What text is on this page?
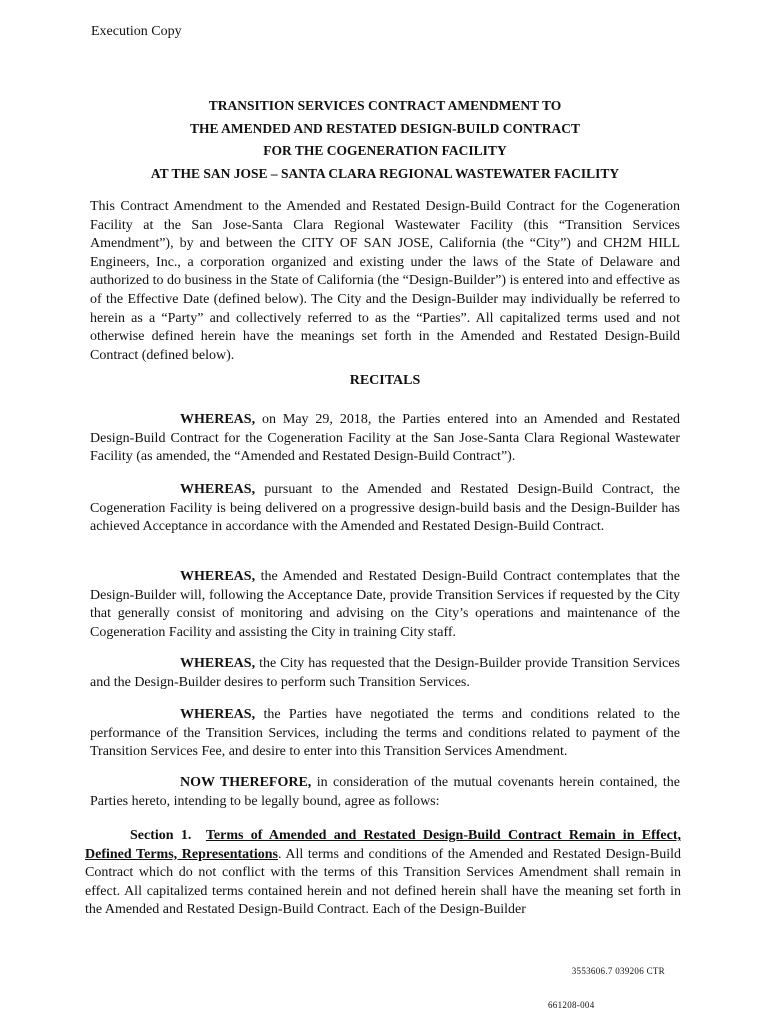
Execution Copy
TRANSITION SERVICES CONTRACT AMENDMENT TO
THE AMENDED AND RESTATED DESIGN-BUILD CONTRACT
FOR THE COGENERATION FACILITY
AT THE SAN JOSE – SANTA CLARA REGIONAL WASTEWATER FACILITY
This Contract Amendment to the Amended and Restated Design-Build Contract for the Cogeneration Facility at the San Jose-Santa Clara Regional Wastewater Facility (this “Transition Services Amendment”), by and between the CITY OF SAN JOSE, California (the “City”) and CH2M HILL Engineers, Inc., a corporation organized and existing under the laws of the State of Delaware and authorized to do business in the State of California (the “Design-Builder”) is entered into and effective as of the Effective Date (defined below). The City and the Design-Builder may individually be referred to herein as a “Party” and collectively referred to as the “Parties”. All capitalized terms used and not otherwise defined herein have the meanings set forth in the Amended and Restated Design-Build Contract (defined below).
RECITALS
WHEREAS, on May 29, 2018, the Parties entered into an Amended and Restated Design-Build Contract for the Cogeneration Facility at the San Jose-Santa Clara Regional Wastewater Facility (as amended, the “Amended and Restated Design-Build Contract”).
WHEREAS, pursuant to the Amended and Restated Design-Build Contract, the Cogeneration Facility is being delivered on a progressive design-build basis and the Design-Builder has achieved Acceptance in accordance with the Amended and Restated Design-Build Contract.
WHEREAS, the Amended and Restated Design-Build Contract contemplates that the Design-Builder will, following the Acceptance Date, provide Transition Services if requested by the City that generally consist of monitoring and advising on the City’s operations and maintenance of the Cogeneration Facility and assisting the City in training City staff.
WHEREAS, the City has requested that the Design-Builder provide Transition Services and the Design-Builder desires to perform such Transition Services.
WHEREAS, the Parties have negotiated the terms and conditions related to the performance of the Transition Services, including the terms and conditions related to payment of the Transition Services Fee, and desire to enter into this Transition Services Amendment.
NOW THEREFORE, in consideration of the mutual covenants herein contained, the Parties hereto, intending to be legally bound, agree as follows:
Section 1. Terms of Amended and Restated Design-Build Contract Remain in Effect, Defined Terms, Representations. All terms and conditions of the Amended and Restated Design-Build Contract which do not conflict with the terms of this Transition Services Amendment shall remain in effect. All capitalized terms contained herein and not defined herein shall have the meaning set forth in the Amended and Restated Design-Build Contract. Each of the Design-Builder
3553606.7 039206 CTR
661208-004
